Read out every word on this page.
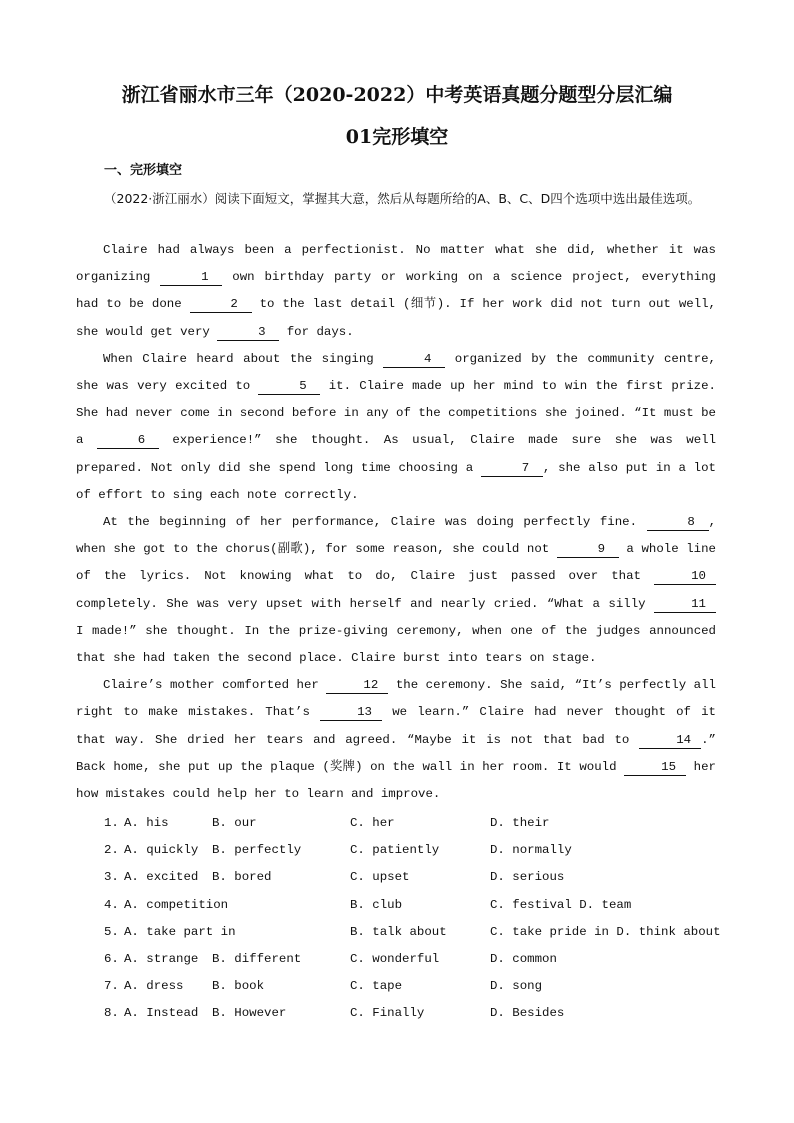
浙江省丽水市三年（2020-2022）中考英语真题分题型分层汇编
01完形填空
一、完形填空
（2022·浙江丽水）阅读下面短文，掌握其大意，然后从每题所给的A、B、C、D四个选项中选出最佳选项。

Claire had always been a perfectionist. No matter what she did, whether it was organizing	1 own birthday party or working on a science project, everything had to be done	2 to the last detail (细节). If her work did not turn out well, she would get very	3 for days.

When Claire heard about the singing	4 organized by the community centre, she was very excited to	5 it. Claire made up her mind to win the first prize. She had never come in second before in any of the competitions she joined. “It must be a	6 experience!” she thought. As usual, Claire made sure she was well prepared. Not only did she spend long time choosing a	7 , she also put in a lot of effort to sing each note correctly.

At the beginning of her performance, Claire was doing perfectly fine.	8 , when she got to the chorus(副歌), for some reason, she could not	9 a whole line of the lyrics. Not knowing what to do, Claire just passed over that	10 completely. She was very upset with herself and nearly cried. “What a silly	11 I made!” she thought. In the prize-giving ceremony, when one of the judges announced that she had taken the second place. Claire burst into tears on stage.

Claire’s mother comforted her	12 the ceremony. She said, “It’s perfectly all right to make mistakes. That’s	13 we learn.” Claire had never thought of it that way. She dried her tears and agreed. “Maybe it is not that bad to	14 .” Back home, she put up the plaque (奖牌) on the wall in her room. It would	15 her how mistakes could help her to learn and improve.

1. A. his	B. our	C. her	D. their
2. A. quickly B. perfectly	C. patiently	D. normally
3. A. excited B. bored	C. upset	D. serious
4. A. competition	B. club	C. festival D. team
5. A. take part in	B. talk about	C. take pride in D. think about
6. A. strange B. different	C. wonderful	D. common
7. A. dress B. book	C. tape	D. song
8. A. Instead B. However	C. Finally	D. Besides
